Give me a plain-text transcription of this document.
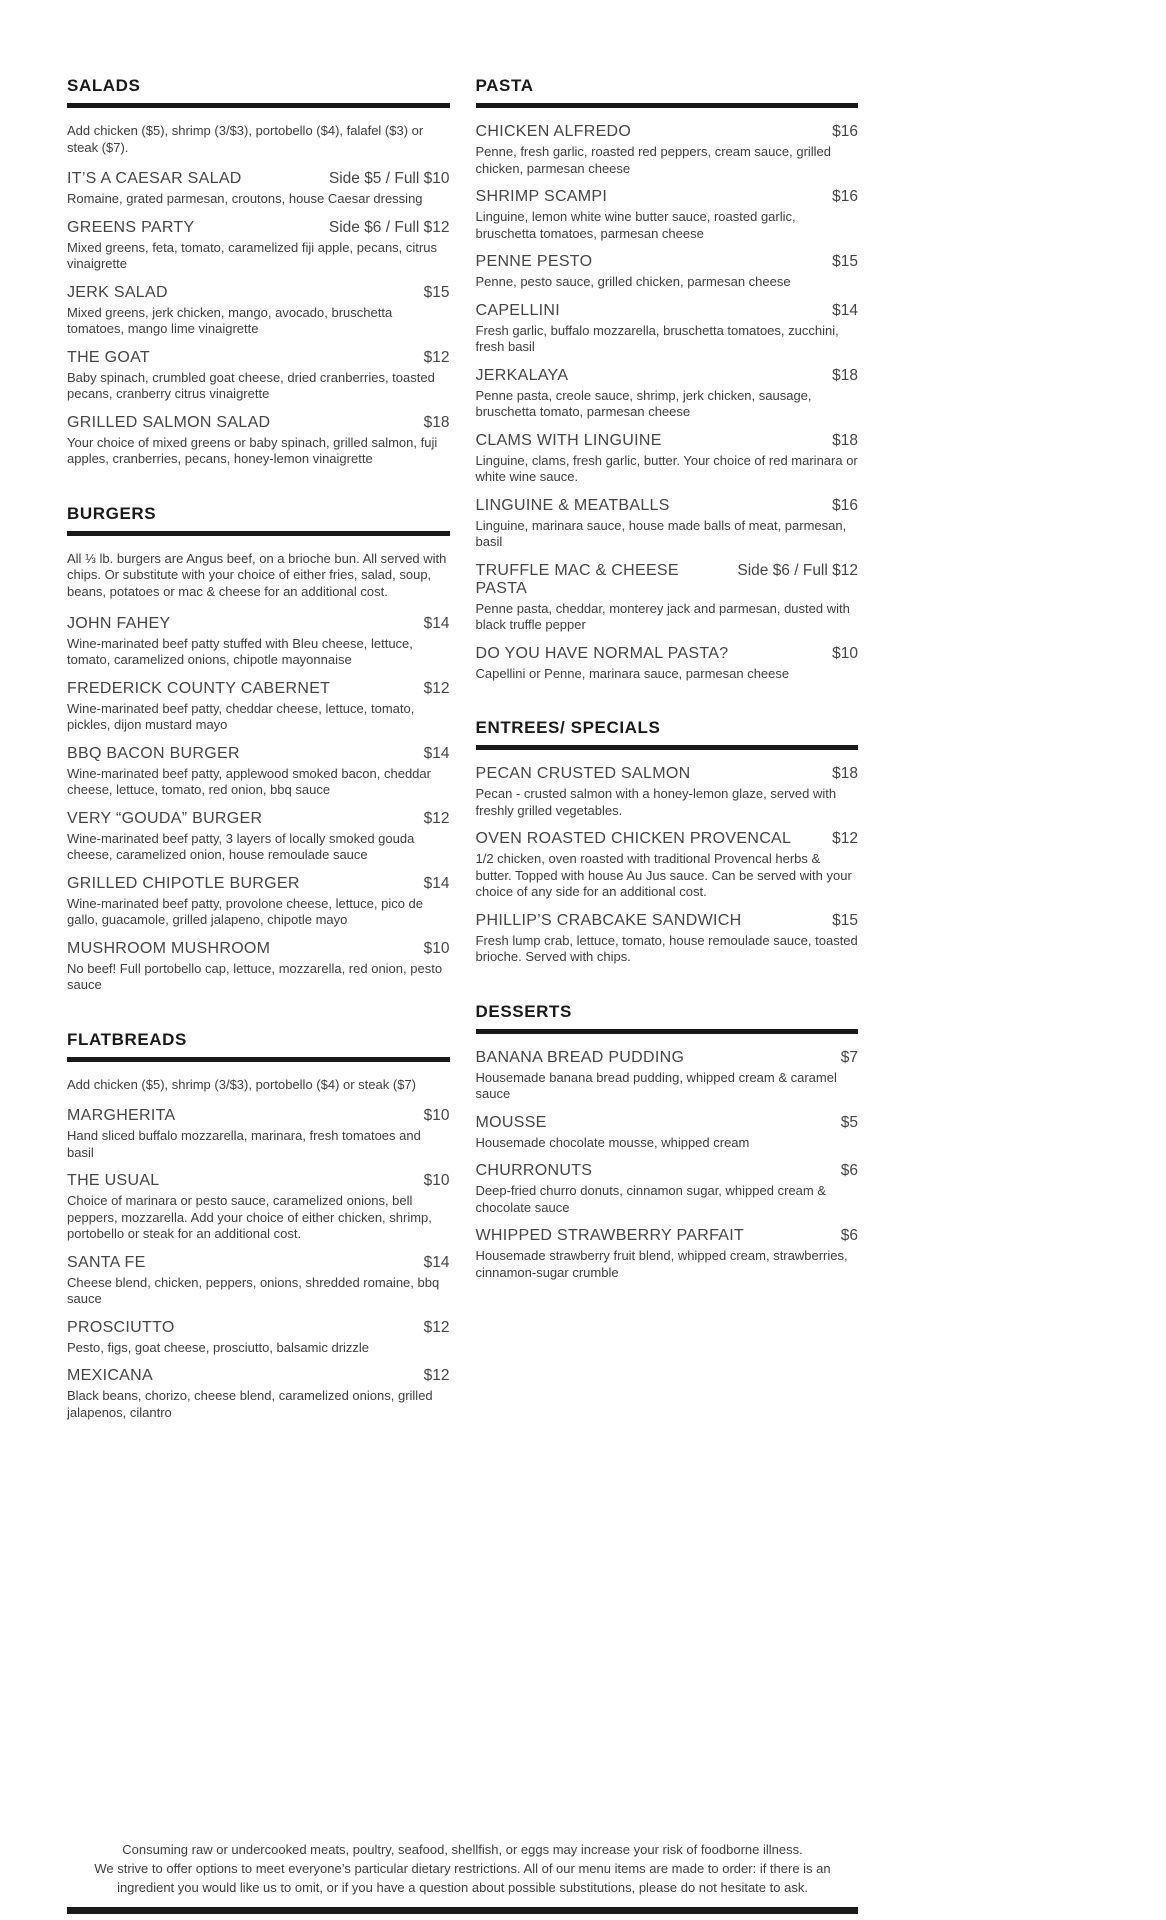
SALADS

Add chicken ($5), shrimp (3/$3), portobello ($4), falafel ($3) or steak ($7).

IT’S A CAESAR SALAD	Side $5 / Full $10

Romaine, grated parmesan, croutons, house Caesar dressing

GREENS PARTY	Side $6 / Full $12

Mixed greens, feta, tomato, caramelized fiji apple, pecans, citrus vinaigrette

JERK SALAD	$15

Mixed greens, jerk chicken, mango, avocado, bruschetta tomatoes, mango lime vinaigrette

THE GOAT	$12

Baby spinach, crumbled goat cheese, dried cranberries, toasted pecans, cranberry citrus vinaigrette

GRILLED SALMON SALAD	$18

Your choice of mixed greens or baby spinach, grilled salmon, fuji apples, cranberries, pecans, honey-lemon vinaigrette

BURGERS

All ⅓ lb. burgers are Angus beef, on a brioche bun. All served with chips. Or substitute with your choice of either fries, salad, soup, beans, potatoes or mac & cheese for an additional cost.

JOHN FAHEY	$14

Wine-marinated beef patty stuffed with Bleu cheese, lettuce, tomato, caramelized onions, chipotle mayonnaise

FREDERICK COUNTY CABERNET	$12

Wine-marinated beef patty, cheddar cheese, lettuce, tomato, pickles, dijon mustard mayo

BBQ BACON BURGER	$14

Wine-marinated beef patty, applewood smoked bacon, cheddar cheese, lettuce, tomato, red onion, bbq sauce

VERY “GOUDA” BURGER	$12

Wine-marinated beef patty, 3 layers of locally smoked gouda cheese, caramelized onion, house remoulade sauce

GRILLED CHIPOTLE BURGER	$14

Wine-marinated beef patty, provolone cheese, lettuce, pico de gallo, guacamole, grilled jalapeno, chipotle mayo

MUSHROOM MUSHROOM	$10

No beef! Full portobello cap, lettuce, mozzarella, red onion, pesto sauce

FLATBREADS

Add chicken ($5), shrimp (3/$3), portobello ($4) or steak ($7)

MARGHERITA	$10

Hand sliced buffalo mozzarella, marinara, fresh tomatoes and basil

THE USUAL	$10

Choice of marinara or pesto sauce, caramelized onions, bell peppers, mozzarella. Add your choice of either chicken, shrimp, portobello or steak for an additional cost.

SANTA FE	$14

Cheese blend, chicken, peppers, onions, shredded romaine, bbq sauce

PROSCIUTTO	$12

Pesto, figs, goat cheese, prosciutto, balsamic drizzle

MEXICANA	$12

Black beans, chorizo, cheese blend, caramelized onions, grilled jalapenos, cilantro

PASTA
CHICKEN ALFREDO	$16

Penne, fresh garlic, roasted red peppers, cream sauce, grilled chicken, parmesan cheese

SHRIMP SCAMPI	$16

Linguine, lemon white wine butter sauce, roasted garlic, bruschetta tomatoes, parmesan cheese

PENNE PESTO	$15

Penne, pesto sauce, grilled chicken, parmesan cheese

CAPELLINI	$14

Fresh garlic, buffalo mozzarella, bruschetta tomatoes, zucchini, fresh basil

JERKALAYA	$18

Penne pasta, creole sauce, shrimp, jerk chicken, sausage, bruschetta tomato, parmesan cheese

CLAMS WITH LINGUINE	$18

Linguine, clams, fresh garlic, butter. Your choice of red marinara or white wine sauce.

LINGUINE & MEATBALLS	$16

Linguine, marinara sauce, house made balls of meat, parmesan, basil

TRUFFLE MAC & CHEESE PASTA
Side $6 / Full $12

Penne pasta, cheddar, monterey jack and parmesan, dusted with black truffle pepper

DO YOU HAVE NORMAL PASTA?	$10

Capellini or Penne, marinara sauce, parmesan cheese

ENTREES/ SPECIALS
PECAN CRUSTED SALMON	$18

Pecan - crusted salmon with a honey-lemon glaze, served with freshly grilled vegetables.

OVEN ROASTED CHICKEN PROVENCAL	$12

1/2 chicken, oven roasted with traditional Provencal herbs & butter. Topped with house Au Jus sauce. Can be served with your choice of any side for an additional cost.

PHILLIP’S CRABCAKE SANDWICH	$15

Fresh lump crab, lettuce, tomato, house remoulade sauce, toasted brioche. Served with chips.

DESSERTS
BANANA BREAD PUDDING	$7

Housemade banana bread pudding, whipped cream & caramel sauce

MOUSSE	$5

Housemade chocolate mousse, whipped cream

CHURRONUTS	$6

Deep-fried churro donuts, cinnamon sugar, whipped cream & chocolate sauce

WHIPPED STRAWBERRY PARFAIT	$6

Housemade strawberry fruit blend, whipped cream, strawberries, cinnamon-sugar crumble

Consuming raw or undercooked meats, poultry, seafood, shellfish, or eggs may increase your risk of foodborne illness.
We strive to offer options to meet everyone’s particular dietary restrictions. All of our menu items are made to order: if there is an
ingredient you would like us to omit, or if you have a question about possible substitutions, please do not hesitate to ask.
